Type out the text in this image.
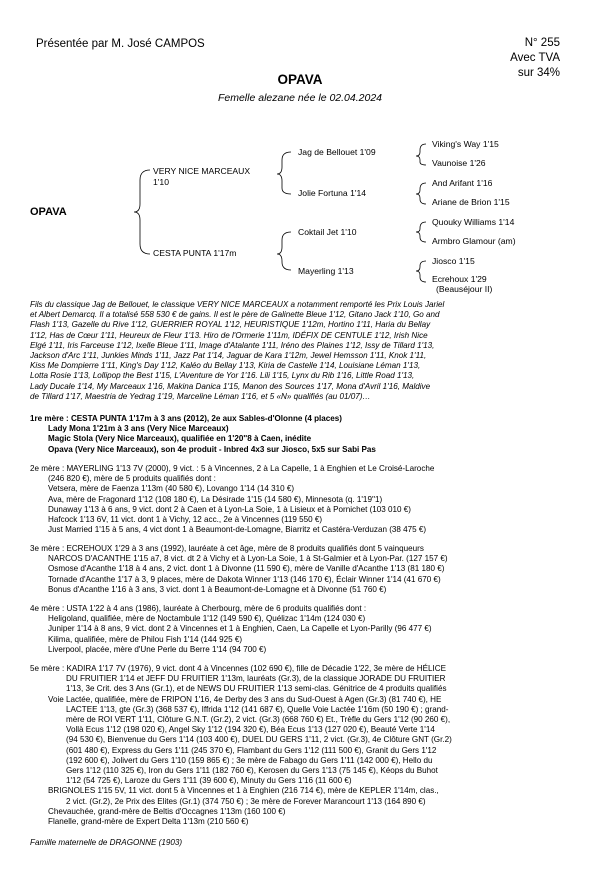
Présentée par M. José CAMPOS	N° 255
Avec TVA
sur 34%
OPAVA
Femelle alezane née le 02.04.2024
OPAVA
VERY NICE MARCEAUX
1'10
CESTA PUNTA 1'17m
Jag de Bellouet 1'09
Jolie Fortuna 1'14
Coktail Jet 1'10
Mayerling 1'13
Viking's Way 1'15
Vaunoise 1'26
And Arifant 1'16
Ariane de Brion 1'15
Quouky Williams 1'14
Armbro Glamour (am)
Jiosco 1'15
Ecrehoux 1'29
(Beauséjour II)
Fils du classique Jag de Bellouet, le classique VERY NICE MARCEAUX a notamment remporté les Prix Louis Jariel
et Albert Demarcq. Il a totalisé 558 530 € de gains. Il est le père de Galinette Bleue 1'12, Gitano Jack 1'10, Go and
Flash 1'13, Gazelle du Rive 1'12, GUERRIER ROYAL 1'12, HEURISTIQUE 1'12m, Hortino 1'11, Haria du Bellay
1'12, Has de Cœur 1'11, Heureux de Fleur 1'13. Hiro de l'Ormerie 1'11m, IDÉFIX DE CENTULE 1'12, Irish Nice
Elgé 1'11, Iris Farceuse 1'12, Ixelle Bleue 1'11, Image d'Atalante 1'11, Iréno des Plaines 1'12, Issy de Tillard 1'13,
Jackson d'Arc 1'11, Junkies Minds 1'11, Jazz Pat 1'14, Jaguar de Kara 1'12m, Jewel Hemsson 1'11, Knok 1'11,
Kiss Me Dompierre 1'11, King's Day 1'12, Kaléo du Bellay 1'13, Kiria de Castelle 1'14, Louisiane Léman 1'13,
Lotta Rosie 1'13, Lollipop the Best 1'15, L'Aventure de Yor 1'16. Lili 1'15, Lynx du Rib 1'16, Little Road 1'13,
Lady Ducale 1'14, My Marceaux 1'16, Makina Danica 1'15, Manon des Sources 1'17, Mona d'Avril 1'16, Maldive
de Tillard 1'17, Maestria de Yedrag 1'19, Marceline Léman 1'16, et 5 «N» qualifiés (au 01/07)…
1re mère : CESTA PUNTA 1'17m à 3 ans (2012), 2e aux Sables-d'Olonne (4 places)
Lady Mona 1'21m à 3 ans (Very Nice Marceaux)
Magic Stola (Very Nice Marceaux), qualifiée en 1'20''8 à Caen, inédite
Opava (Very Nice Marceaux), son 4e produit - Inbred 4x3 sur Jiosco, 5x5 sur Sabi Pas
2e mère : MAYERLING 1'13 7V (2000), 9 vict. : 5 à Vincennes, 2 à La Capelle, 1 à Enghien et Le Croisé-Laroche
(246 820 €), mère de 5 produits qualifiés dont :
Vetsera, mère de Faenza 1'13m (40 580 €), Lovango 1'14 (14 310 €)
Ava, mère de Fragonard 1'12 (108 180 €), La Désirade 1'15 (14 580 €), Minnesota (q. 1'19''1)
Dunaway 1'13 à 6 ans, 9 vict. dont 2 à Caen et à Lyon-La Soie, 1 à Lisieux et à Pornichet (103 010 €)
Hafcock 1'13 6V, 11 vict. dont 1 à Vichy, 12 acc., 2e à Vincennes (119 550 €)
Just Married 1'15 à 5 ans, 4 vict dont 1 à Beaumont-de-Lomagne, Biarritz et Castéra-Verduzan (38 475 €)
3e mère : ECREHOUX 1'29 à 3 ans (1992), lauréate à cet âge, mère de 8 produits qualifiés dont 5 vainqueurs
NARCOS D'ACANTHE 1'15 a7, 8 vict. dt 2 à Vichy et à Lyon-La Soie, 1 à St-Galmier et à Lyon-Par. (127 157 €)
Osmose d'Acanthe 1'18 à 4 ans, 2 vict. dont 1 à Divonne (11 590 €), mère de Vanille d'Acanthe 1'13 (81 180 €)
Tornade d'Acanthe 1'17 à 3, 9 places, mère de Dakota Winner 1'13 (146 170 €), Éclair Winner 1'14 (41 670 €)
Bonus d'Acanthe 1'16 à 3 ans, 3 vict. dont 1 à Beaumont-de-Lomagne et à Divonne (51 760 €)
4e mère : USTA 1'22 à 4 ans (1986), lauréate à Cherbourg, mère de 6 produits qualifiés dont :
Heligoland, qualifiée, mère de Noctambule 1'12 (149 590 €), Quélizac 1'14m (124 030 €)
Juniper 1'14 à 8 ans, 9 vict. dont 2 à Vincennes et 1 à Enghien, Caen, La Capelle et Lyon-Parilly (96 477 €)
Kilima, qualifiée, mère de Philou Fish 1'14 (144 925 €)
Liverpool, placée, mère d'Une Perle du Berre 1'14 (94 700 €)
5e mère : KADIRA 1'17 7V (1976), 9 vict. dont 4 à Vincennes (102 690 €), fille de Décadie 1'22, 3e mère de HÉLICE
DU FRUITIER 1'14 et JEFF DU FRUITIER 1'13m, lauréats (Gr.3), de la classique JORADE DU FRUITIER
1'13, 3e Crit. des 3 Ans (Gr.1), et de NEWS DU FRUITIER 1'13 semi-clas. Génitrice de 4 produits qualifiés
Voie Lactée, qualifiée, mère de FRIPON 1'16, 4e Derby des 3 ans du Sud-Ouest à Agen (Gr.3) (81 740 €), HE
LACTEE 1'13, gte (Gr.3) (368 537 €), Iffrida 1'12 (141 687 €), Quelle Voie Lactée 1'16m (50 190 €) ; grand-
mère de ROI VERT 1'11, Clôture G.N.T. (Gr.2), 2 vict. (Gr.3) (668 760 €) Et., Trèfle du Gers 1'12 (90 260 €),
Vollà Ecus 1'12 (198 020 €), Angel Sky 1'12 (194 320 €), Béa Ecus 1'13 (127 020 €), Beauté Verte 1'14
(94 530 €), Bienvenue du Gers 1'14 (103 400 €), DUEL DU GERS 1'11, 2 vict. (Gr.3), 4e Clôture GNT (Gr.2)
(601 480 €), Express du Gers 1'11 (245 370 €), Flambant du Gers 1'12 (111 500 €), Granit du Gers 1'12
(192 600 €), Jolivert du Gers 1'10 (159 865 €) ; 3e mère de Fabago du Gers 1'11 (142 000 €), Hello du
Gers 1'12 (110 325 €), Iron du Gers 1'11 (182 760 €), Kerosen du Gers 1'13 (75 145 €), Kéops du Buhot
1'12 (54 725 €), Laroze du Gers 1'11 (39 600 €), Minuty du Gers 1'16 (11 600 €)
BRIGNOLES 1'15 5V, 11 vict. dont 5 à Vincennes et 1 à Enghien (216 714 €), mère de KEPLER 1'14m, clas.,
2 vict. (Gr.2), 2e Prix des Elites (Gr.1) (374 750 €) ; 3e mère de Forever Marancourt 1'13 (164 890 €)
Chevauchée, grand-mère de Beltis d'Occagnes 1'13m (160 100 €)
Flanelle, grand-mère de Expert Delta 1'13m (210 560 €)
Famille maternelle de DRAGONNE (1903)
